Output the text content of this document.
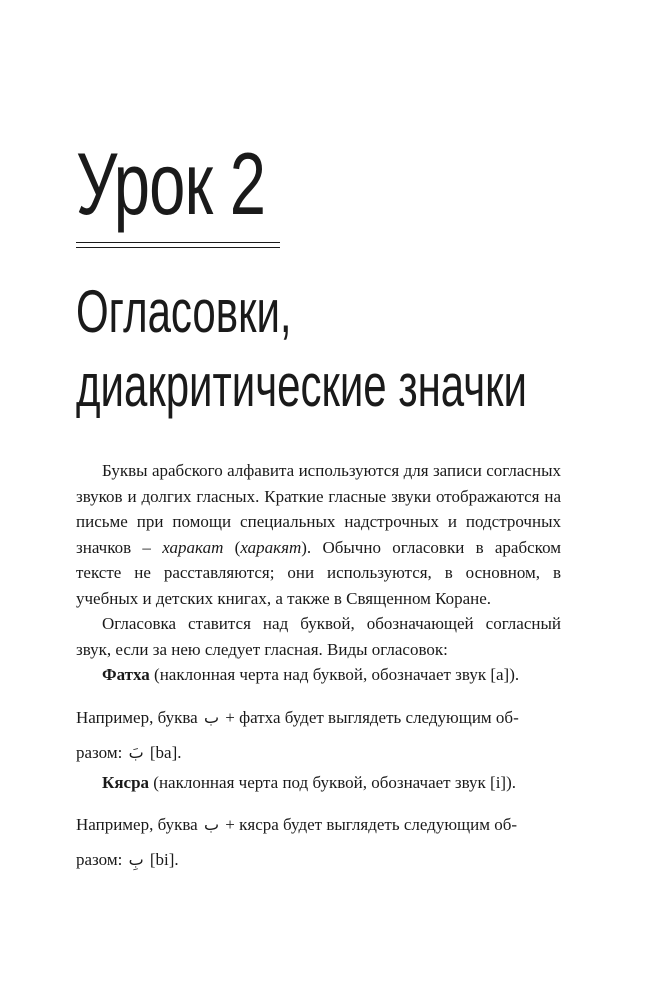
Урок 2
Огласовки,
диакритические значки

Буквы арабского алфавита используются для записи согласных звуков и долгих гласных. Краткие гласные звуки отображаются на письме при помощи специальных надстрочных и подстрочных значков – харакат (харакят). Обычно огласовки в арабском тексте не расставляются; они используются, в основном, в учебных и детских книгах, а также в Священном Коране.

Огласовка ставится над буквой, обозначающей согласный звук, если за нею следует гласная. Виды огласовок:

Фатха (наклонная черта над буквой, обозначает звук [a]).

Например, буква ب + фатха будет выглядеть следующим об-

разом: بَ [ba].

Кясра (наклонная черта под буквой, обозначает звук [i]).

Например, буква ب + кясра будет выглядеть следующим об-

разом: بِ [bi].
